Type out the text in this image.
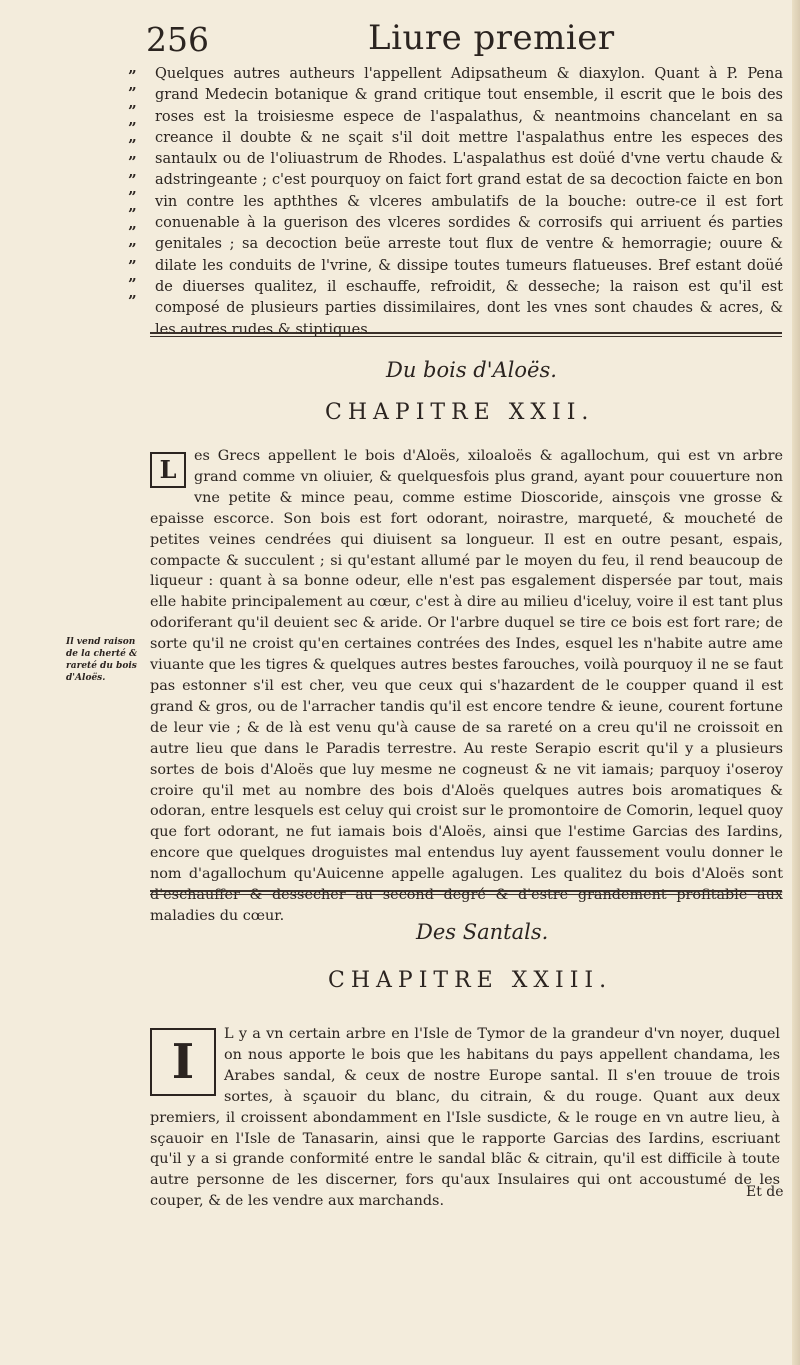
256	Liure premier
”
”
”
”
”
”
”
”
”
”
”
”
”
”
Quelques autres autheurs l'appellent Adipsatheum & diaxylon. Quant à P. Pena grand Medecin botanique & grand critique tout ensemble, il escrit que le bois des roses est la troisiesme espece de l'aspalathus, & neantmoins chancelant en sa creance il doubte & ne sçait s'il doit mettre l'aspalathus entre les especes des santaulx ou de l'oliuastrum de Rhodes. L'aspalathus est doüé d'vne vertu chaude & adstringeante ; c'est pourquoy on faict fort grand estat de sa decoction faicte en bon vin contre les apththes & vlceres ambulatifs de la bouche: outre-ce il est fort conuenable à la guerison des vlceres sordides & corrosifs qui arriuent és parties genitales ; sa decoction beüe arreste tout flux de ventre & hemorragie; ouure & dilate les conduits de l'vrine, & dissipe toutes tumeurs flatueuses. Bref estant doüé de diuerses qualitez, il eschauffe, refroidit, & desseche; la raison est qu'il est composé de plusieurs parties dissimilaires, dont les vnes sont chaudes & acres, & les autres rudes & stiptiques.
Du bois d'Aloës.
CHAPITRE XXII.
L	es Grecs appellent le bois d'Aloës, xiloaloës & agallochum, qui est vn arbre grand comme vn oliuier, & quelquesfois plus grand, ayant pour couuerture non vne petite & mince peau, comme estime Dioscoride, ainsçois vne grosse & epaisse escorce. Son bois est fort odorant, noirastre, marqueté, & moucheté de petites veines cendrées qui diuisent sa longueur. Il est en outre pesant, espais, compacte & succulent ; si qu'estant allumé par le moyen du feu, il rend beaucoup de liqueur : quant à sa bonne odeur, elle n'est pas esgalement dispersée par tout, mais elle habite principalement au cœur, c'est à dire au milieu d'iceluy, voire il est tant plus odoriferant qu'il deuient sec & aride. Or l'arbre duquel se tire ce bois est fort rare; de sorte qu'il ne croist qu'en certaines contrées des Indes, esquel les n'habite autre ame viuante que les tigres & quelques autres bestes farouches, voilà pourquoy il ne se faut pas estonner s'il est cher, veu que ceux qui s'hazardent de le coupper quand il est grand & gros, ou de l'arracher tandis qu'il est encore tendre & ieune, courent fortune de leur vie ; & de là est venu qu'à cause de sa rareté on a creu qu'il ne croissoit en autre lieu que dans le Paradis terrestre. Au reste Serapio escrit qu'il y a plusieurs sortes de bois d'Aloës que luy mesme ne cogneust & ne vit iamais; parquoy i'oseroy croire qu'il met au nombre des bois d'Aloës quelques autres bois aromatiques & odoran, entre lesquels est celuy qui croist sur le promontoire de Comorin, lequel quoy que fort odorant, ne fut iamais bois d'Aloës, ainsi que l'estime Garcias des Iardins, encore que quelques droguistes mal entendus luy ayent faussement voulu donner le nom d'agallochum qu'Auicenne appelle agalugen. Les qualitez du bois d'Aloës sont d'eschauffer & desseсher au second degré & d'estre grandement profitable aux maladies du cœur.
Il vend raison de la cherté & rareté du bois d'Aloës.
Des Santals.
CHAPITRE XXIII.
I	L y a vn certain arbre en l'Isle de Tymor de la grandeur d'vn noyer, duquel on nous apporte le bois que les habitans du pays appellent chandama, les Arabes sandal, & ceux de nostre Europe santal. Il s'en trouue de trois sortes, à sçauoir du blanc, du citrain, & du rouge. Quant aux deux premiers, il croissent abondamment en l'Isle susdicte, & le rouge en vn autre lieu, à sçauoir en l'Isle de Tanasarin, ainsi que le rapporte Garcias des Iardins, escriuant qu'il y a si grande conformité entre le sandal blãc & citrain, qu'il est difficile à toute autre personne de les discerner, fors qu'aux Insulaires qui ont accoustumé de les couper, & de les vendre aux marchands.
Et de
